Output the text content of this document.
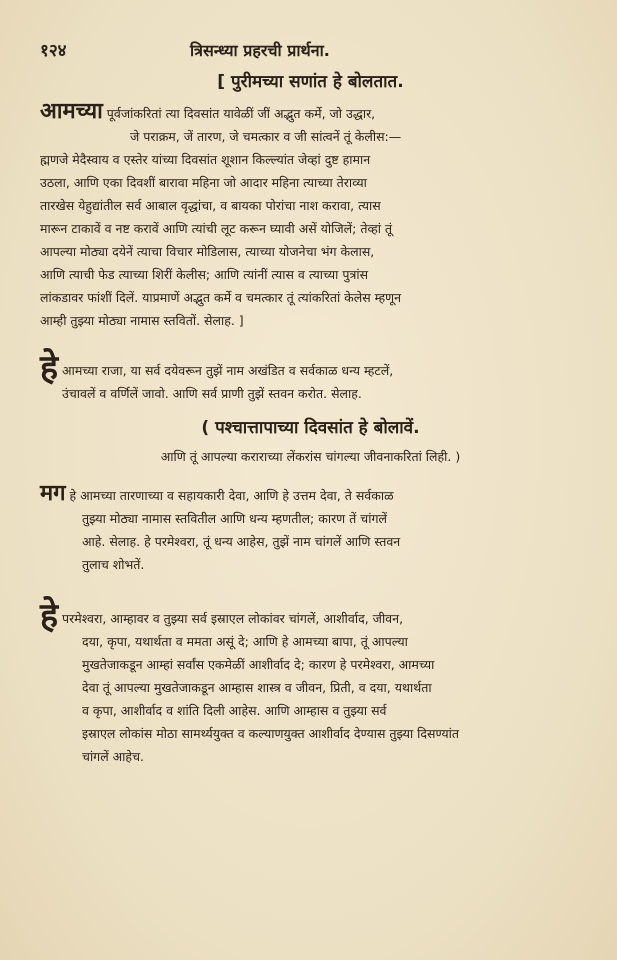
१२४	त्रिसन्ध्या प्रहरची प्रार्थना.
[ पुरीमच्या सणांत हे बोलतात.
आमच्या पूर्वजांकरितां त्या दिवसांत यावेळीं जीं अद्भुत कर्मे, जो उद्धार,
जे पराक्रम, जें तारण, जे चमत्कार व जी सांत्वनें तूं केलीस:—
ह्मणजे मेदैस्वाय व एस्तेर यांच्या दिवसांत शूशान किल्ल्यांत जेव्हां दुष्ट हामान
उठला, आणि एका दिवशीं बारावा महिना जो आदार महिना त्याच्या तेराव्या
तारखेस येहुद्यांतील सर्व आबाल वृद्धांचा, व बायका पोरांचा नाश करावा, त्यास
मारून टाकावें व नष्ट करावें आणि त्यांची लूट करून घ्यावी असें योजिलें; तेव्हां तूं
आपल्या मोठ्या दयेनें त्याचा विचार मोडिलास, त्याच्या योजनेचा भंग केलास,
आणि त्याची फेड त्याच्या शिरीं केलीस; आणि त्यांनीं त्यास व त्याच्या पुत्रांस
लांकडावर फांशीं दिलें. याप्रमाणें अद्भुत कर्मे व चमत्कार तूं त्यांकरितां केलेस म्हणून
आम्ही तुझ्या मोठ्या नामास स्तवितों. सेलाह. ]
हे आमच्या राजा, या सर्व दयेवरून तुझें नाम अखंडित व सर्वकाळ धन्य म्हटलें,
उंचावलें व वर्णिलें जावो. आणि सर्व प्राणी तुझें स्तवन करोत. सेलाह.
( पश्चात्तापाच्या दिवसांत हे बोलावें.
आणि तूं आपल्या कराराच्या लेंकरांस चांगल्या जीवनाकरितां लिही. )
मग हे आमच्या तारणाच्या व सहायकारी देवा, आणि हे उत्तम देवा, ते सर्वकाळ
तुझ्या मोठ्या नामास स्तवितील आणि धन्य म्हणतील; कारण तें चांगलें
आहे. सेलाह. हे परमेश्वरा, तूं धन्य आहेस, तुझें नाम चांगलें आणि स्तवन
तुलाच शोभतें.
हे परमेश्वरा, आम्हावर व तुझ्या सर्व इस्राएल लोकांवर चांगलें, आशीर्वाद, जीवन,
दया, कृपा, यथार्थता व ममता असूं दे; आणि हे आमच्या बापा, तूं आपल्या
मुखतेजाकडून आम्हां सर्वांस एकमेळीं आशीर्वाद दे; कारण हे परमेश्वरा, आमच्या
देवा तूं आपल्या मुखतेजाकडून आम्हास शास्त्र व जीवन, प्रिती, व दया, यथार्थता
व कृपा, आशीर्वाद व शांति दिली आहेस. आणि आम्हास व तुझ्या सर्व
इस्राएल लोकांस मोठा सामर्थ्ययुक्त व कल्याणयुक्त आशीर्वाद देण्यास तुझ्या दिसण्यांत
चांगलें आहेच.
